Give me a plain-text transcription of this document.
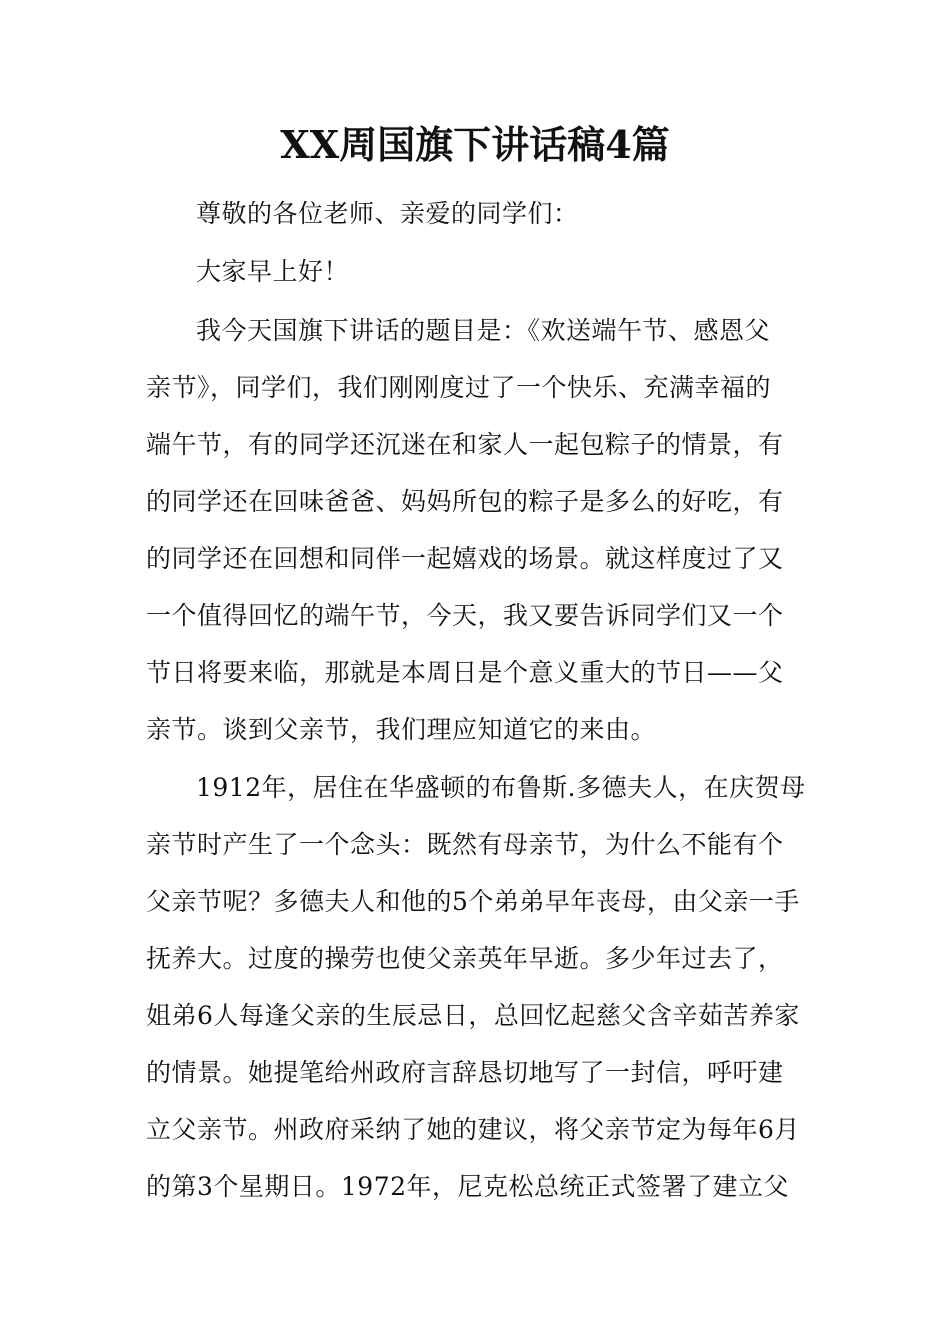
XX周国旗下讲话稿4篇

尊敬的各位老师、亲爱的同学们：

大家早上好！

我今天国旗下讲话的题目是：《欢送端午节、感恩父

亲节》，同学们，我们刚刚度过了一个快乐、充满幸福的

端午节，有的同学还沉迷在和家人一起包粽子的情景，有

的同学还在回味爸爸、妈妈所包的粽子是多么的好吃，有

的同学还在回想和同伴一起嬉戏的场景。就这样度过了又

一个值得回忆的端午节，今天，我又要告诉同学们又一个

节日将要来临，那就是本周日是个意义重大的节日——父

亲节。谈到父亲节，我们理应知道它的来由。

1912年，居住在华盛顿的布鲁斯.多德夫人，在庆贺母

亲节时产生了一个念头：既然有母亲节，为什么不能有个

父亲节呢？多德夫人和他的5个弟弟早年丧母，由父亲一手

抚养大。过度的操劳也使父亲英年早逝。多少年过去了，

姐弟6人每逢父亲的生辰忌日，总回忆起慈父含辛茹苦养家

的情景。她提笔给州政府言辞恳切地写了一封信，呼吁建

立父亲节。州政府采纳了她的建议，将父亲节定为每年6月

的第3个星期日。1972年，尼克松总统正式签署了建立父
